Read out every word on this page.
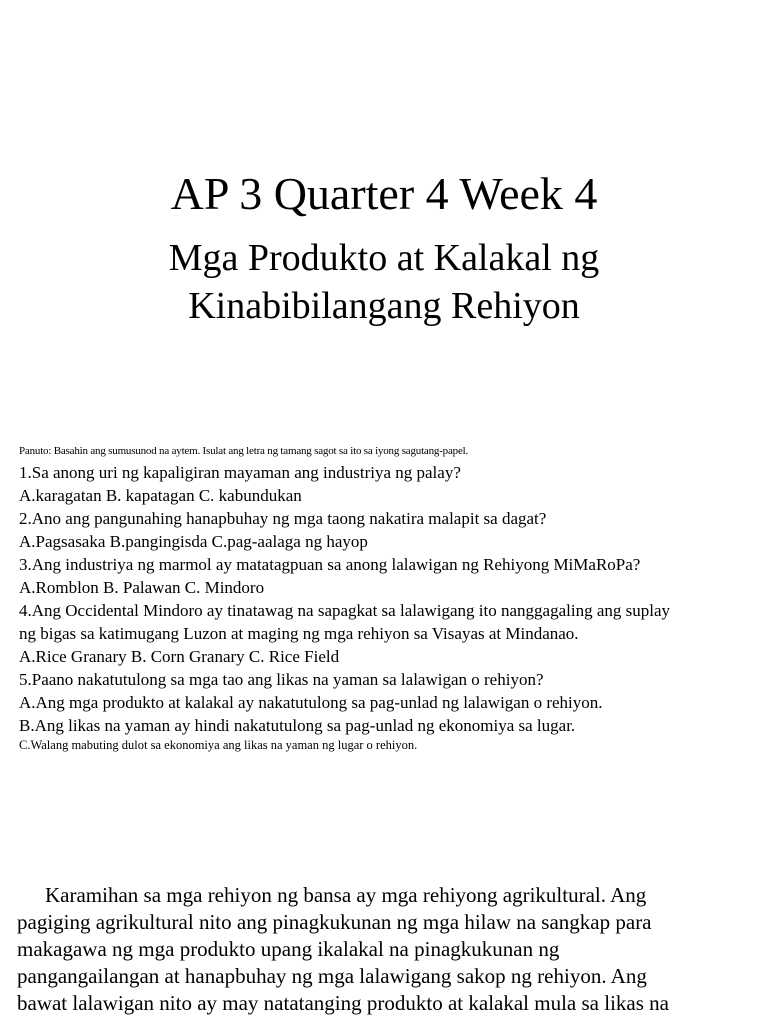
AP 3 Quarter 4 Week 4
Mga Produkto at Kalakal ng
Kinabibilangang Rehiyon
Panuto: Basahin ang sumusunod na aytem. Isulat ang letra ng tamang sagot sa ito sa iyong sagutang-papel.
1.Sa anong uri ng kapaligiran mayaman ang industriya ng palay?
A.karagatan B. kapatagan C. kabundukan
2.Ano ang pangunahing hanapbuhay ng mga taong nakatira malapit sa dagat?
A.Pagsasaka B.pangingisda C.pag-aalaga ng hayop
3.Ang industriya ng marmol ay matatagpuan sa anong lalawigan ng Rehiyong MiMaRoPa?
A.Romblon B. Palawan C. Mindoro
4.Ang Occidental Mindoro ay tinatawag na sapagkat sa lalawigang ito nanggagaling ang suplay
ng bigas sa katimugang Luzon at maging ng mga rehiyon sa Visayas at Mindanao.
A.Rice Granary B. Corn Granary C. Rice Field
5.Paano nakatutulong sa mga tao ang likas na yaman sa lalawigan o rehiyon?
A.Ang mga produkto at kalakal ay nakatutulong sa pag-unlad ng lalawigan o rehiyon.
B.Ang likas na yaman ay hindi nakatutulong sa pag-unlad ng ekonomiya sa lugar.
C.Walang mabuting dulot sa ekonomiya ang likas na yaman ng lugar o rehiyon.
Karamihan sa mga rehiyon ng bansa ay mga rehiyong agrikultural. Ang
pagiging agrikultural nito ang pinagkukunan ng mga hilaw na sangkap para
makagawa ng mga produkto upang ikalakal na pinagkukunan ng
pangangailangan at hanapbuhay ng mga lalawigang sakop ng rehiyon. Ang
bawat lalawigan nito ay may natatanging produkto at kalakal mula sa likas na
